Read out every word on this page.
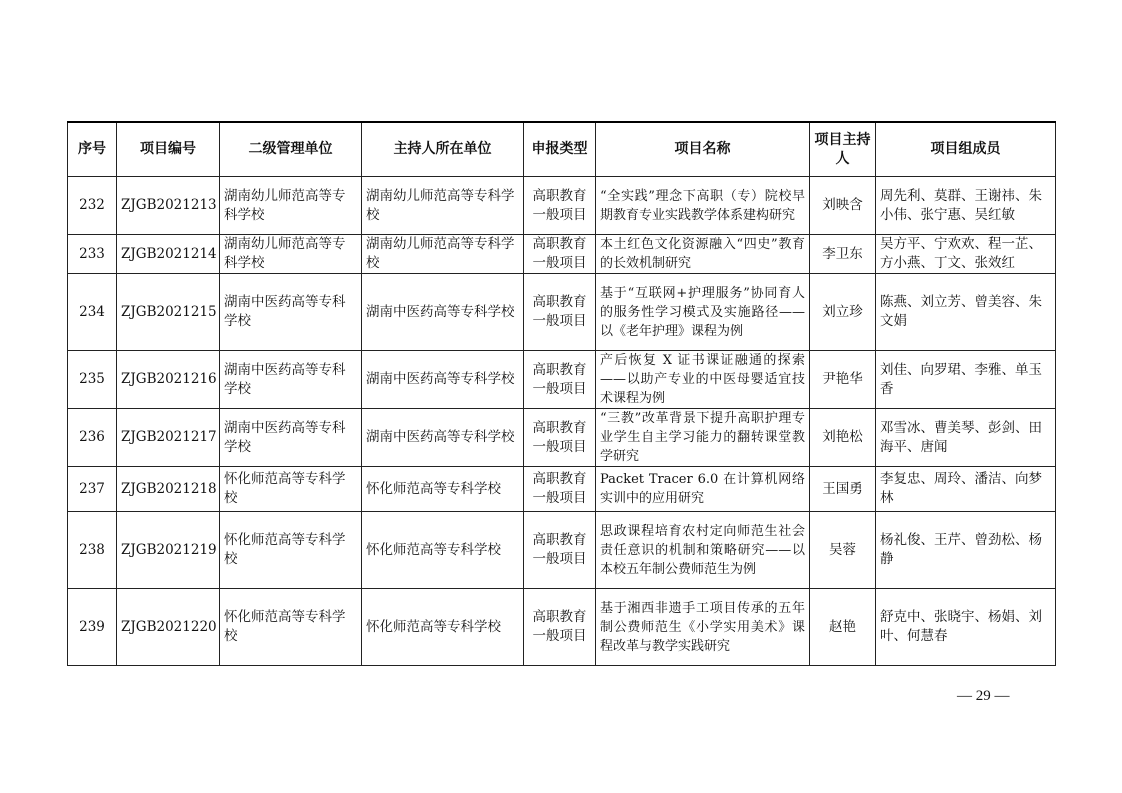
序号	项目编号	二级管理单位	主持人所在单位	申报类型	项目名称	项目主持人	项目组成员
232	ZJGB2021213	湖南幼儿师范高等专科学校	湖南幼儿师范高等专科学校	高职教育一般项目	“全实践”理念下高职（专）院校早期教育专业实践教学体系建构研究	刘映含	周先利、莫群、王谢祎、朱小伟、张宁惠、吴红敏
233	ZJGB2021214	湖南幼儿师范高等专科学校	湖南幼儿师范高等专科学校	高职教育一般项目	本土红色文化资源融入“四史”教育的长效机制研究	李卫东	吴方平、宁欢欢、程一芷、方小燕、丁文、张效红
234	ZJGB2021215	湖南中医药高等专科学校	湖南中医药高等专科学校	高职教育一般项目	基于“互联网+护理服务”协同育人的服务性学习模式及实施路径——以《老年护理》课程为例	刘立珍	陈燕、刘立芳、曾美容、朱文娟
235	ZJGB2021216	湖南中医药高等专科学校	湖南中医药高等专科学校	高职教育一般项目	产后恢复 X 证书课证融通的探索——以助产专业的中医母婴适宜技术课程为例	尹艳华	刘佳、向罗珺、李雅、单玉香
236	ZJGB2021217	湖南中医药高等专科学校	湖南中医药高等专科学校	高职教育一般项目	“三教”改革背景下提升高职护理专业学生自主学习能力的翻转课堂教学研究	刘艳松	邓雪冰、曹美琴、彭剑、田海平、唐闻
237	ZJGB2021218	怀化师范高等专科学校	怀化师范高等专科学校	高职教育一般项目	Packet Tracer 6.0 在计算机网络实训中的应用研究	王国勇	李复忠、周玲、潘洁、向梦林
238	ZJGB2021219	怀化师范高等专科学校	怀化师范高等专科学校	高职教育一般项目	思政课程培育农村定向师范生社会责任意识的机制和策略研究——以本校五年制公费师范生为例	吴蓉	杨礼俊、王芹、曾劲松、杨静
239	ZJGB2021220	怀化师范高等专科学校	怀化师范高等专科学校	高职教育一般项目	基于湘西非遗手工项目传承的五年制公费师范生《小学实用美术》课程改革与教学实践研究	赵艳	舒克中、张晓宇、杨娟、刘叶、何慧春
— 29 —
